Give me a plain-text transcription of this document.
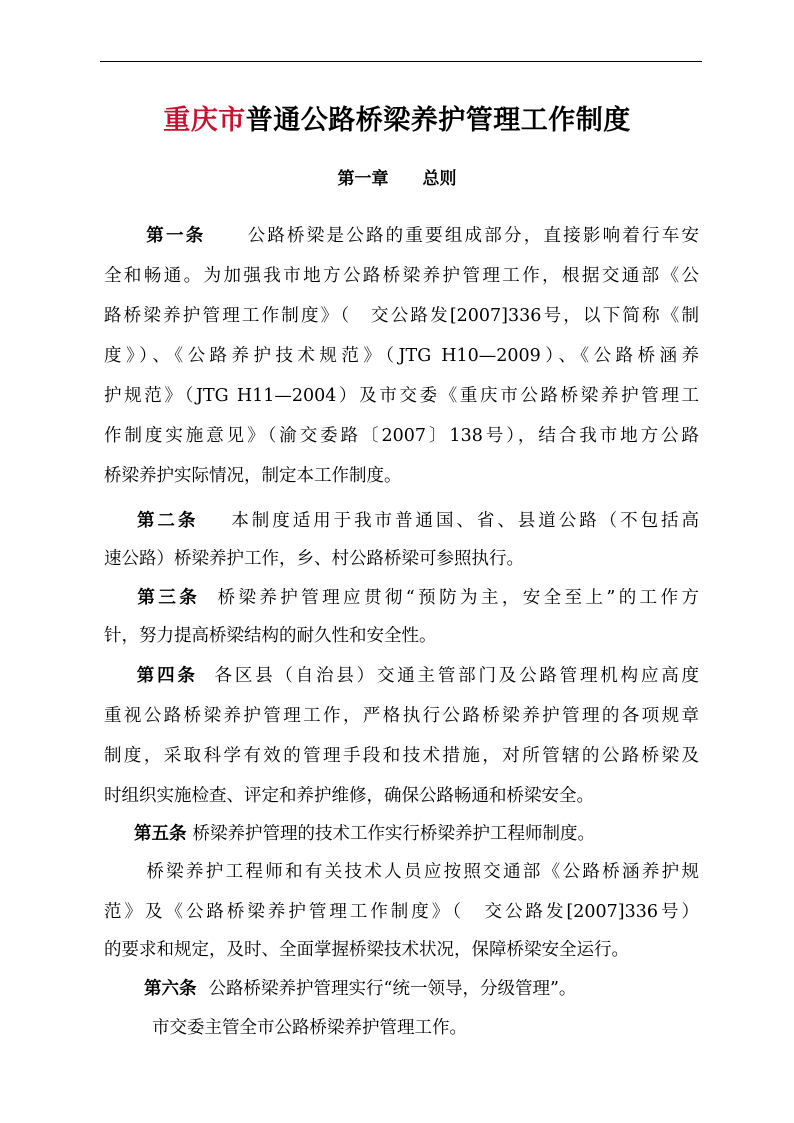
重庆市普通公路桥梁养护管理工作制度
第一章 总则
第一条 公路桥梁是公路的重要组成部分，直接影响着行车安
全和畅通。为加强我市地方公路桥梁养护管理工作，根据交通部《公
路桥梁养护管理工作制度》（　交公路发[2007]336号，以下简称《制
度》）、《公路养护技术规范》（JTG H10—2009）、《公路桥涵养
护规范》（JTG H11—2004）及市交委《重庆市公路桥梁养护管理工
作制度实施意见》（渝交委路〔2007〕138号），结合我市地方公路
桥梁养护实际情况，制定本工作制度。
第二条 本制度适用于我市普通国、省、县道公路（不包括高
速公路）桥梁养护工作，乡、村公路桥梁可参照执行。
第三条 桥梁养护管理应贯彻“预防为主，安全至上”的工作方
针，努力提高桥梁结构的耐久性和安全性。
第四条 各区县（自治县）交通主管部门及公路管理机构应高度
重视公路桥梁养护管理工作，严格执行公路桥梁养护管理的各项规章
制度，采取科学有效的管理手段和技术措施，对所管辖的公路桥梁及
时组织实施检查、评定和养护维修，确保公路畅通和桥梁安全。
第五条 桥梁养护管理的技术工作实行桥梁养护工程师制度。
桥梁养护工程师和有关技术人员应按照交通部《公路桥涵养护规
范》及《公路桥梁养护管理工作制度》（　交公路发[2007]336号）
的要求和规定，及时、全面掌握桥梁技术状况，保障桥梁安全运行。
第六条 公路桥梁养护管理实行“统一领导，分级管理”。
市交委主管全市公路桥梁养护管理工作。
